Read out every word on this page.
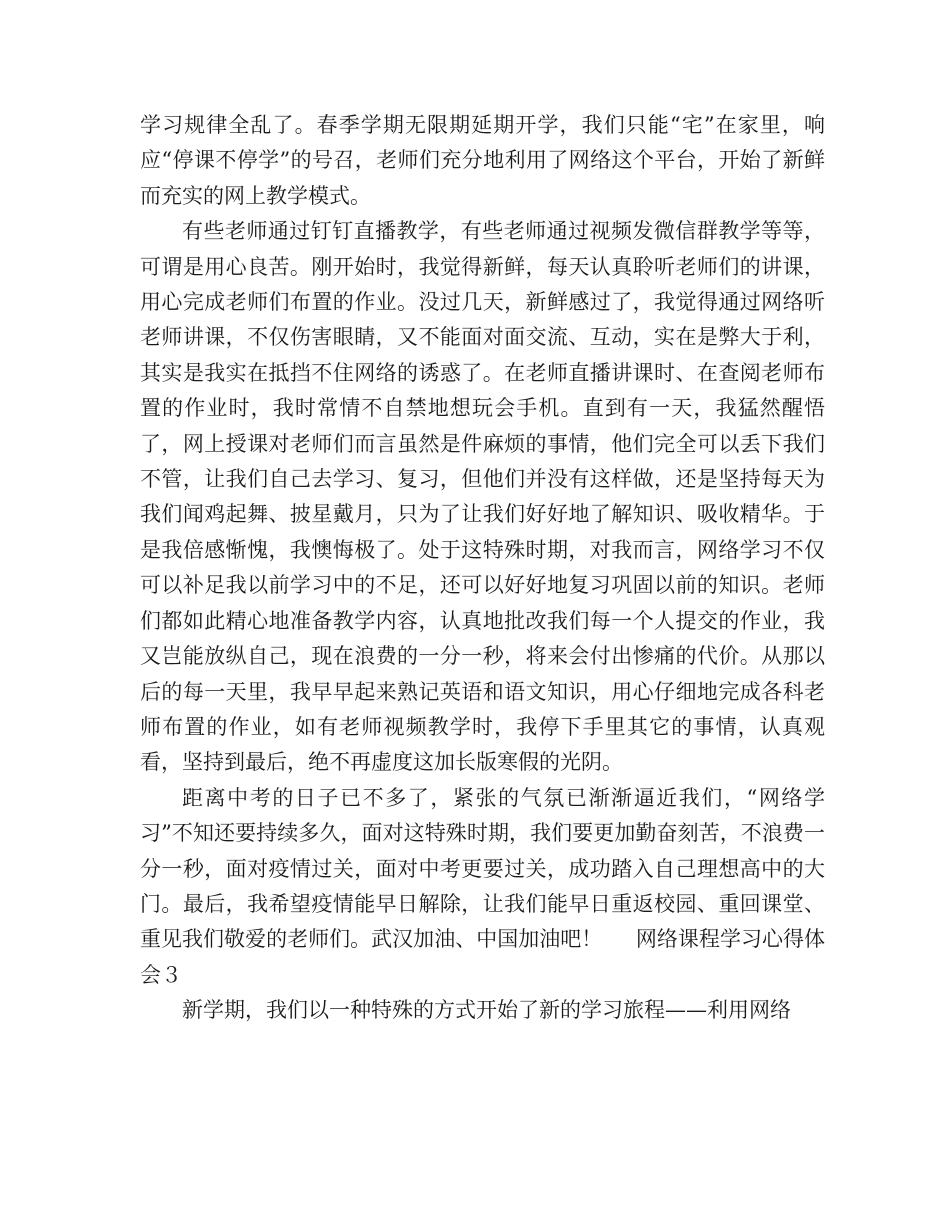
学习规律全乱了。春季学期无限期延期开学，我们只能“宅”在家里，响应“停课不停学”的号召，老师们充分地利用了网络这个平台，开始了新鲜而充实的网上教学模式。

有些老师通过钉钉直播教学，有些老师通过视频发微信群教学等等，可谓是用心良苦。刚开始时，我觉得新鲜，每天认真聆听老师们的讲课，用心完成老师们布置的作业。没过几天，新鲜感过了，我觉得通过网络听老师讲课，不仅伤害眼睛，又不能面对面交流、互动，实在是弊大于利，其实是我实在抵挡不住网络的诱惑了。在老师直播讲课时、在查阅老师布置的作业时，我时常情不自禁地想玩会手机。直到有一天，我猛然醒悟了，网上授课对老师们而言虽然是件麻烦的事情，他们完全可以丢下我们不管，让我们自己去学习、复习，但他们并没有这样做，还是坚持每天为我们闻鸡起舞、披星戴月，只为了让我们好好地了解知识、吸收精华。于是我倍感惭愧，我懊悔极了。处于这特殊时期，对我而言，网络学习不仅可以补足我以前学习中的不足，还可以好好地复习巩固以前的知识。老师们都如此精心地准备教学内容，认真地批改我们每一个人提交的作业，我又岂能放纵自己，现在浪费的一分一秒，将来会付出惨痛的代价。从那以后的每一天里，我早早起来熟记英语和语文知识，用心仔细地完成各科老师布置的作业，如有老师视频教学时，我停下手里其它的事情，认真观看，坚持到最后，绝不再虚度这加长版寒假的光阴。

距离中考的日子已不多了，紧张的气氛已渐渐逼近我们，“网络学习”不知还要持续多久，面对这特殊时期，我们要更加勤奋刻苦，不浪费一分一秒，面对疫情过关，面对中考更要过关，成功踏入自己理想高中的大门。最后，我希望疫情能早日解除，让我们能早日重返校园、重回课堂、重见我们敬爱的老师们。武汉加油、中国加油吧！ 网络课程学习心得体会３

新学期，我们以一种特殊的方式开始了新的学习旅程——利用网络
